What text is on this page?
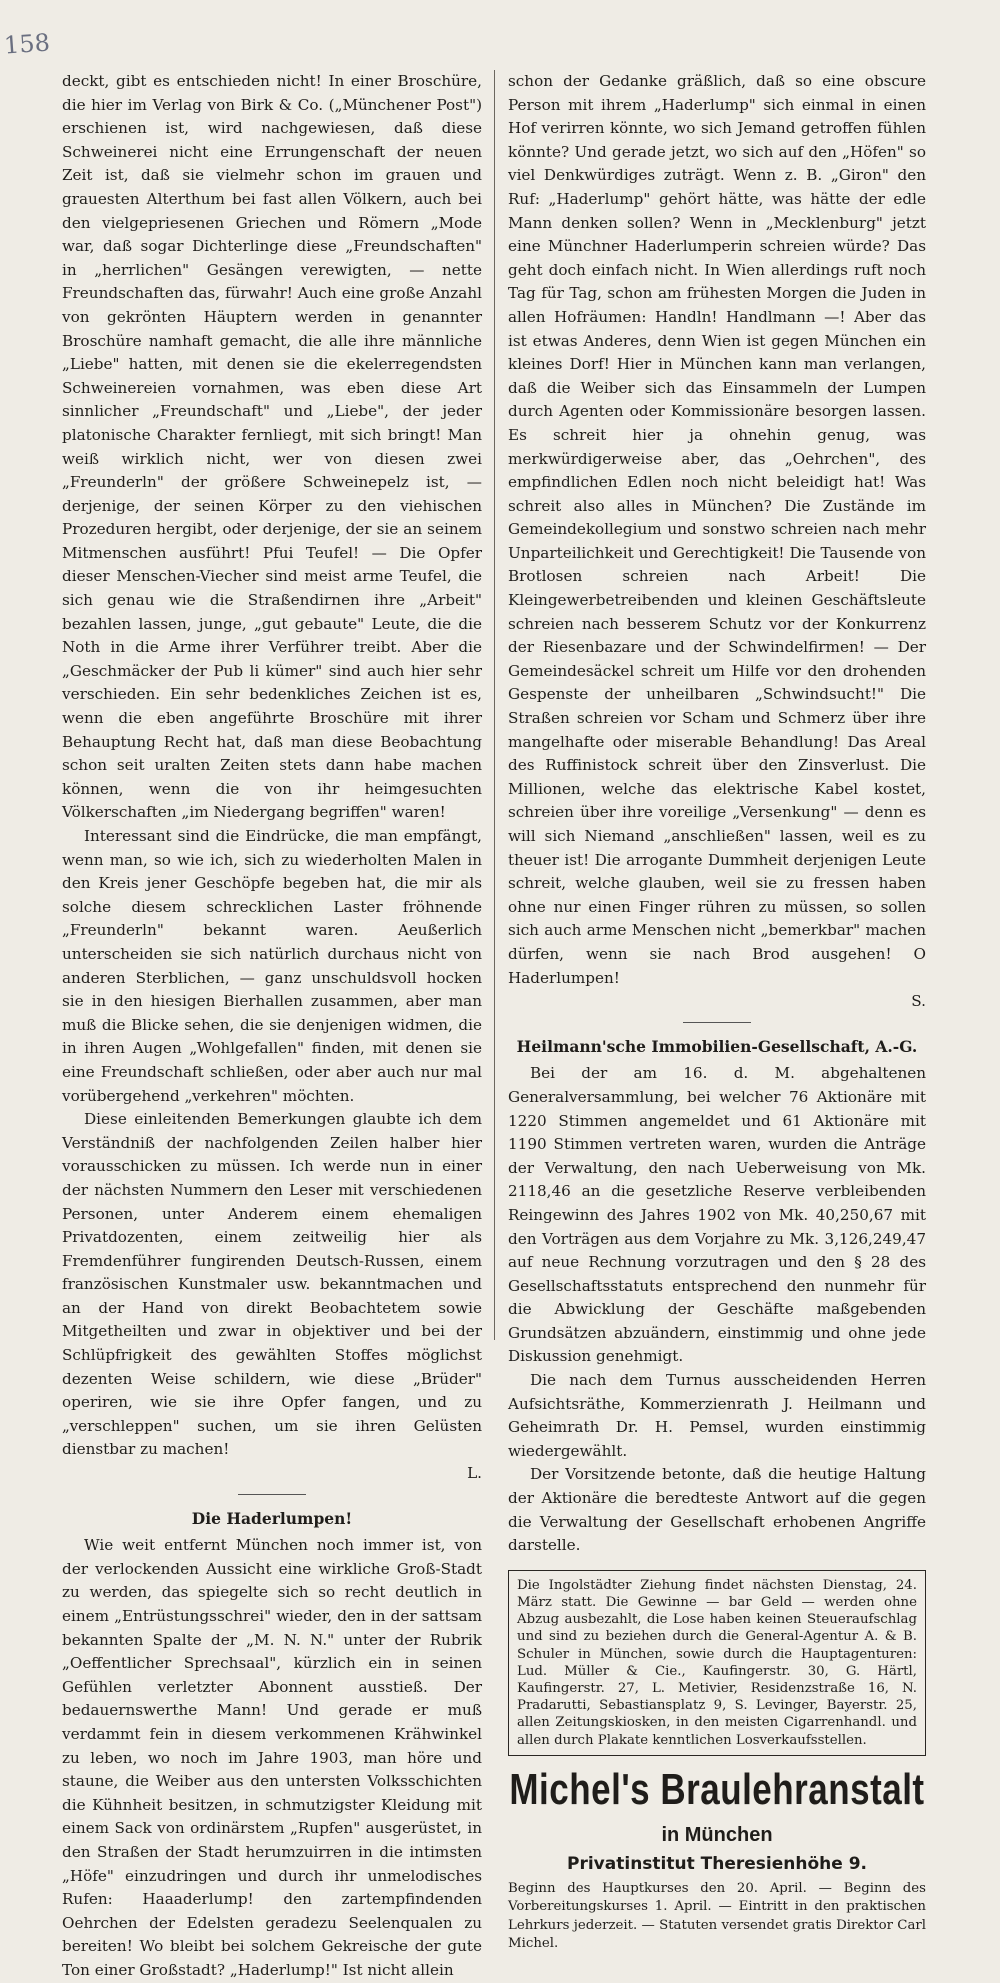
158

deckt, gibt es entschieden nicht! In einer Broschüre, die hier im Verlag von Birk & Co. („Münchener Post") erschienen ist, wird nachgewiesen, daß diese Schweinerei nicht eine Errungenschaft der neuen Zeit ist, daß sie vielmehr schon im grauen und grauesten Alterthum bei fast allen Völkern, auch bei den vielgepriesenen Griechen und Römern „Mode war, daß sogar Dichterlinge diese „Freundschaften" in „herrlichen" Gesängen verewigten, — nette Freundschaften das, fürwahr! Auch eine große Anzahl von gekrönten Häuptern werden in genannter Broschüre namhaft gemacht, die alle ihre männliche „Liebe" hatten, mit denen sie die ekelerregendsten Schweinereien vornahmen, was eben diese Art sinnlicher „Freundschaft" und „Liebe", der jeder platonische Charakter fernliegt, mit sich bringt! Man weiß wirklich nicht, wer von diesen zwei „Freunderln" der größere Schweinepelz ist, — derjenige, der seinen Körper zu den viehischen Prozeduren hergibt, oder derjenige, der sie an seinem Mitmenschen ausführt! Pfui Teufel! — Die Opfer dieser Menschen-Viecher sind meist arme Teufel, die sich genau wie die Straßendirnen ihre „Arbeit" bezahlen lassen, junge, „gut gebaute" Leute, die die Noth in die Arme ihrer Verführer treibt. Aber die „Geschmäcker der Pub li kümer" sind auch hier sehr verschieden. Ein sehr bedenkliches Zeichen ist es, wenn die eben angeführte Broschüre mit ihrer Behauptung Recht hat, daß man diese Beobachtung schon seit uralten Zeiten stets dann habe machen können, wenn die von ihr heimgesuchten Völkerschaften „im Niedergang begriffen" waren!

Interessant sind die Eindrücke, die man empfängt, wenn man, so wie ich, sich zu wiederholten Malen in den Kreis jener Geschöpfe begeben hat, die mir als solche diesem schrecklichen Laster fröhnende „Freunderln" bekannt waren. Aeußerlich unterscheiden sie sich natürlich durchaus nicht von anderen Sterblichen, — ganz unschuldsvoll hocken sie in den hiesigen Bierhallen zusammen, aber man muß die Blicke sehen, die sie denjenigen widmen, die in ihren Augen „Wohlgefallen" finden, mit denen sie eine Freundschaft schließen, oder aber auch nur mal vorübergehend „verkehren" möchten.

Diese einleitenden Bemerkungen glaubte ich dem Verständniß der nachfolgenden Zeilen halber hier vorausschicken zu müssen. Ich werde nun in einer der nächsten Nummern den Leser mit verschiedenen Personen, unter Anderem einem ehemaligen Privatdozenten, einem zeitweilig hier als Fremdenführer fungirenden Deutsch-Russen, einem französischen Kunstmaler usw. bekanntmachen und an der Hand von direkt Beobachtetem sowie Mitgetheilten und zwar in objektiver und bei der Schlüpfrigkeit des gewählten Stoffes möglichst dezenten Weise schildern, wie diese „Brüder" operiren, wie sie ihre Opfer fangen, und zu „verschleppen" suchen, um sie ihren Gelüsten dienstbar zu machen!

L.
Die Haderlumpen!

Wie weit entfernt München noch immer ist, von der verlockenden Aussicht eine wirkliche Groß-Stadt zu werden, das spiegelte sich so recht deutlich in einem „Entrüstungsschrei" wieder, den in der sattsam bekannten Spalte der „M. N. N." unter der Rubrik „Oeffentlicher Sprechsaal", kürzlich ein in seinen Gefühlen verletzter Abonnent ausstieß. Der bedauernswerthe Mann! Und gerade er muß verdammt fein in diesem verkommenen Krähwinkel zu leben, wo noch im Jahre 1903, man höre und staune, die Weiber aus den untersten Volksschichten die Kühnheit besitzen, in schmutzigster Kleidung mit einem Sack von ordinärstem „Rupfen" ausgerüstet, in den Straßen der Stadt herumzuirren in die intimsten „Höfe" einzudringen und durch ihr unmelodisches Rufen: Haaaderlump! den zartempfindenden Oehrchen der Edelsten geradezu Seelenqualen zu bereiten! Wo bleibt bei solchem Gekreische der gute Ton einer Großstadt? „Haderlump!" Ist nicht allein

schon der Gedanke gräßlich, daß so eine obscure Person mit ihrem „Haderlump" sich einmal in einen Hof verirren könnte, wo sich Jemand getroffen fühlen könnte? Und gerade jetzt, wo sich auf den „Höfen" so viel Denkwürdiges zuträgt. Wenn z. B. „Giron" den Ruf: „Haderlump" gehört hätte, was hätte der edle Mann denken sollen? Wenn in „Mecklenburg" jetzt eine Münchner Haderlumperin schreien würde? Das geht doch einfach nicht. In Wien allerdings ruft noch Tag für Tag, schon am frühesten Morgen die Juden in allen Hofräumen: Handln! Handlmann —! Aber das ist etwas Anderes, denn Wien ist gegen München ein kleines Dorf! Hier in München kann man verlangen, daß die Weiber sich das Einsammeln der Lumpen durch Agenten oder Kommissionäre besorgen lassen. Es schreit hier ja ohnehin genug, was merkwürdigerweise aber, das „Oehrchen", des empfindlichen Edlen noch nicht beleidigt hat! Was schreit also alles in München? Die Zustände im Gemeindekollegium und sonstwo schreien nach mehr Unparteilichkeit und Gerechtigkeit! Die Tausende von Brotlosen schreien nach Arbeit! Die Kleingewerbetreibenden und kleinen Geschäftsleute schreien nach besserem Schutz vor der Konkurrenz der Riesenbazare und der Schwindelfirmen! — Der Gemeindesäckel schreit um Hilfe vor den drohenden Gespenste der unheilbaren „Schwindsucht!" Die Straßen schreien vor Scham und Schmerz über ihre mangelhafte oder miserable Behandlung! Das Areal des Ruffinistock schreit über den Zinsverlust. Die Millionen, welche das elektrische Kabel kostet, schreien über ihre voreilige „Versenkung" — denn es will sich Niemand „anschließen" lassen, weil es zu theuer ist! Die arrogante Dummheit derjenigen Leute schreit, welche glauben, weil sie zu fressen haben ohne nur einen Finger rühren zu müssen, so sollen sich auch arme Menschen nicht „bemerkbar" machen dürfen, wenn sie nach Brod ausgehen! O Haderlumpen!

S.
Heilmann'sche Immobilien-Gesellschaft, A.-G.

Bei der am 16. d. M. abgehaltenen Generalversammlung, bei welcher 76 Aktionäre mit 1220 Stimmen angemeldet und 61 Aktionäre mit 1190 Stimmen vertreten waren, wurden die Anträge der Verwaltung, den nach Ueberweisung von Mk. 2118,46 an die gesetzliche Reserve verbleibenden Reingewinn des Jahres 1902 von Mk. 40,250,67 mit den Vorträgen aus dem Vorjahre zu Mk. 3,126,249,47 auf neue Rechnung vorzutragen und den § 28 des Gesellschaftsstatuts entsprechend den nunmehr für die Abwicklung der Geschäfte maßgebenden Grundsätzen abzuändern, einstimmig und ohne jede Diskussion genehmigt.

Die nach dem Turnus ausscheidenden Herren Aufsichtsräthe, Kommerzienrath J. Heilmann und Geheimrath Dr. H. Pemsel, wurden einstimmig wiedergewählt.

Der Vorsitzende betonte, daß die heutige Haltung der Aktionäre die beredteste Antwort auf die gegen die Verwaltung der Gesellschaft erhobenen Angriffe darstelle.

Die Ingolstädter Ziehung findet nächsten Dienstag, 24. März statt. Die Gewinne — bar Geld — werden ohne Abzug ausbezahlt, die Lose haben keinen Steueraufschlag und sind zu beziehen durch die General-Agentur A. & B. Schuler in München, sowie durch die Hauptagenturen: Lud. Müller & Cie., Kaufingerstr. 30, G. Härtl, Kaufingerstr. 27, L. Metivier, Residenzstraße 16, N. Pradarutti, Sebastiansplatz 9, S. Levinger, Bayerstr. 25, allen Zeitungskiosken, in den meisten Cigarrenhandl. und allen durch Plakate kenntlichen Losverkaufsstellen.
Michel's Braulehranstalt
in München
Privatinstitut Theresienhöhe 9.
Beginn des Hauptkurses den 20. April. — Beginn des Vorbereitungskurses 1. April. — Eintritt in den praktischen Lehrkurs jederzeit. — Statuten versendet gratis Direktor Carl Michel.
